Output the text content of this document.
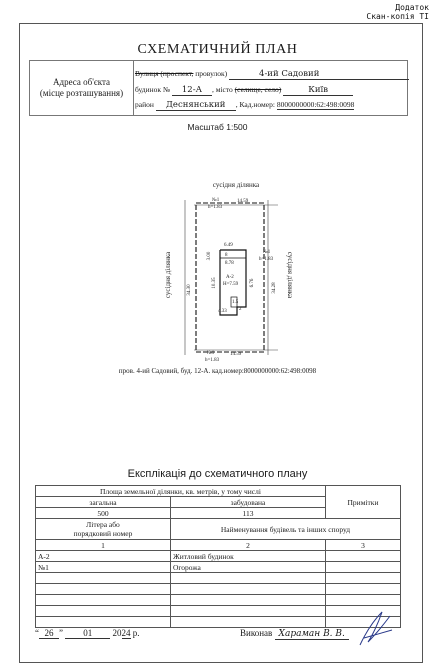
Додаток
Скан-копія ТІ
СХЕМАТИЧНИЙ ПЛАН
Адреса об'єкта
(місце розташування)
Вулиця (проспект, провулок)	4-ий Садовий
будинок № 12-А , місто (селище, село)	Київ
район Деснянський , Кад.номер: 8000000000:62:498:0098
Масштаб 1:500
сусідня ділянка
сусідня ділянка	сусідня ділянка
№1
h=1.83
14.59
34.30	34.28
№1
h=1.83
№1
h=1.83
14.59
6.49
3.00	8
8.78
А-2
H=7.59
10.35	6.76
4.33
1.5
2
пров. 4-ий Садовий, буд. 12-А. кад.номер:8000000000:62:498:0098
Експлікація до схематичного плану
Площа земельної ділянки, кв. метрів, у тому числі		Примітки
загальна	забудована	
500	113	
Літера або
порядковий номер	Найменування будівель та інших споруд	
1	2	3
А-2	Житловий будинок	
№1	Огорожа	

“ 26 ” 01 2024 р.	Виконав Хараман В. В.
